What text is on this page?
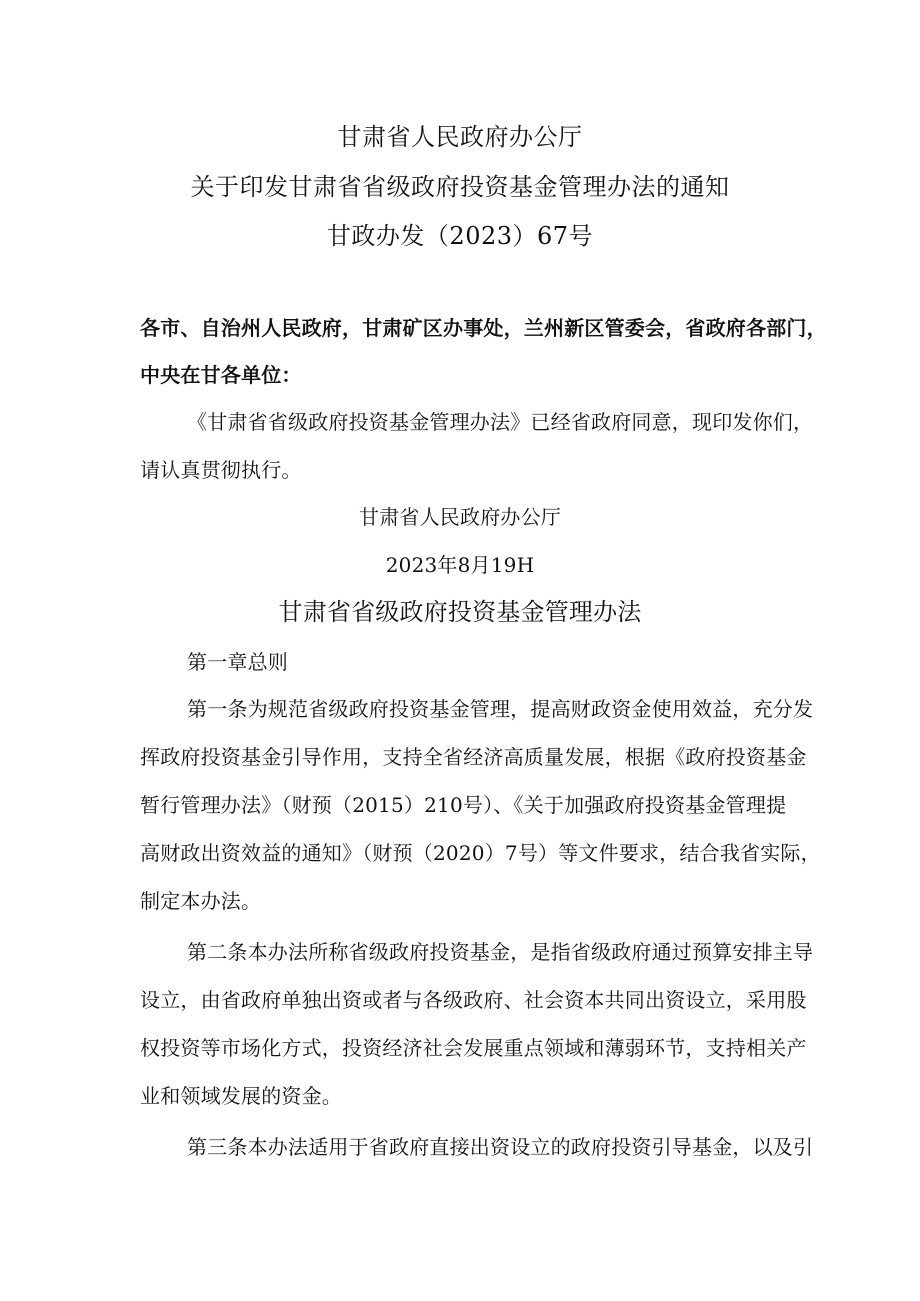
甘肃省人民政府办公厅
关于印发甘肃省省级政府投资基金管理办法的通知
甘政办发（2023）67号
各市、自治州人民政府，甘肃矿区办事处，兰州新区管委会，省政府各部门，
中央在甘各单位：
《甘肃省省级政府投资基金管理办法》已经省政府同意，现印发你们，
请认真贯彻执行。
甘肃省人民政府办公厅
2023年8月19H
甘肃省省级政府投资基金管理办法
第一章总则
第一条为规范省级政府投资基金管理，提高财政资金使用效益，充分发
挥政府投资基金引导作用，支持全省经济高质量发展，根据《政府投资基金
暂行管理办法》（财预（2015）210号）、《关于加强政府投资基金管理提
高财政出资效益的通知》（财预（2020）7号）等文件要求，结合我省实际，
制定本办法。
第二条本办法所称省级政府投资基金，是指省级政府通过预算安排主导
设立，由省政府单独出资或者与各级政府、社会资本共同出资设立，采用股
权投资等市场化方式，投资经济社会发展重点领域和薄弱环节，支持相关产
业和领域发展的资金。
第三条本办法适用于省政府直接出资设立的政府投资引导基金，以及引
